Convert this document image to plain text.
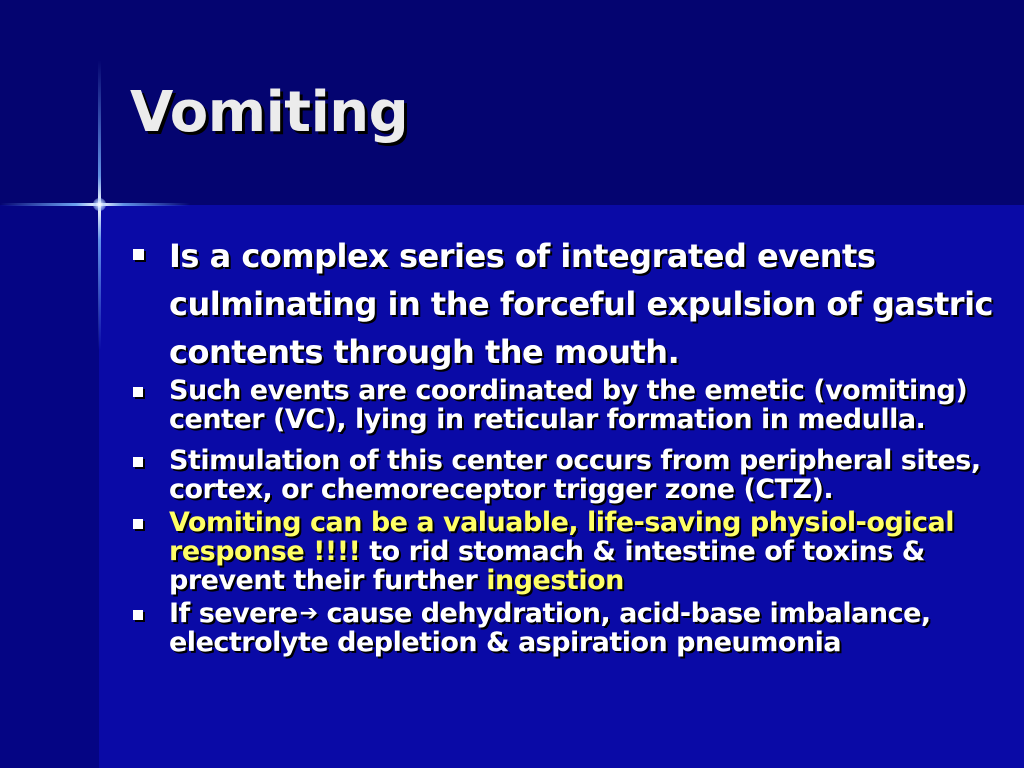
Vomiting
Is a complex series of integrated events culminating in the forceful expulsion of gastric contents through the mouth.
Such events are coordinated by the emetic (vomiting) center (VC), lying in reticular formation in medulla.
Stimulation of this center occurs from peripheral sites, cortex, or chemoreceptor trigger zone (CTZ).
Vomiting can be a valuable, life-saving physiol-ogical response !!!! to rid stomach & intestine of toxins & prevent their further ingestion
If severe➔ cause dehydration, acid-base imbalance, electrolyte depletion & aspiration pneumonia
